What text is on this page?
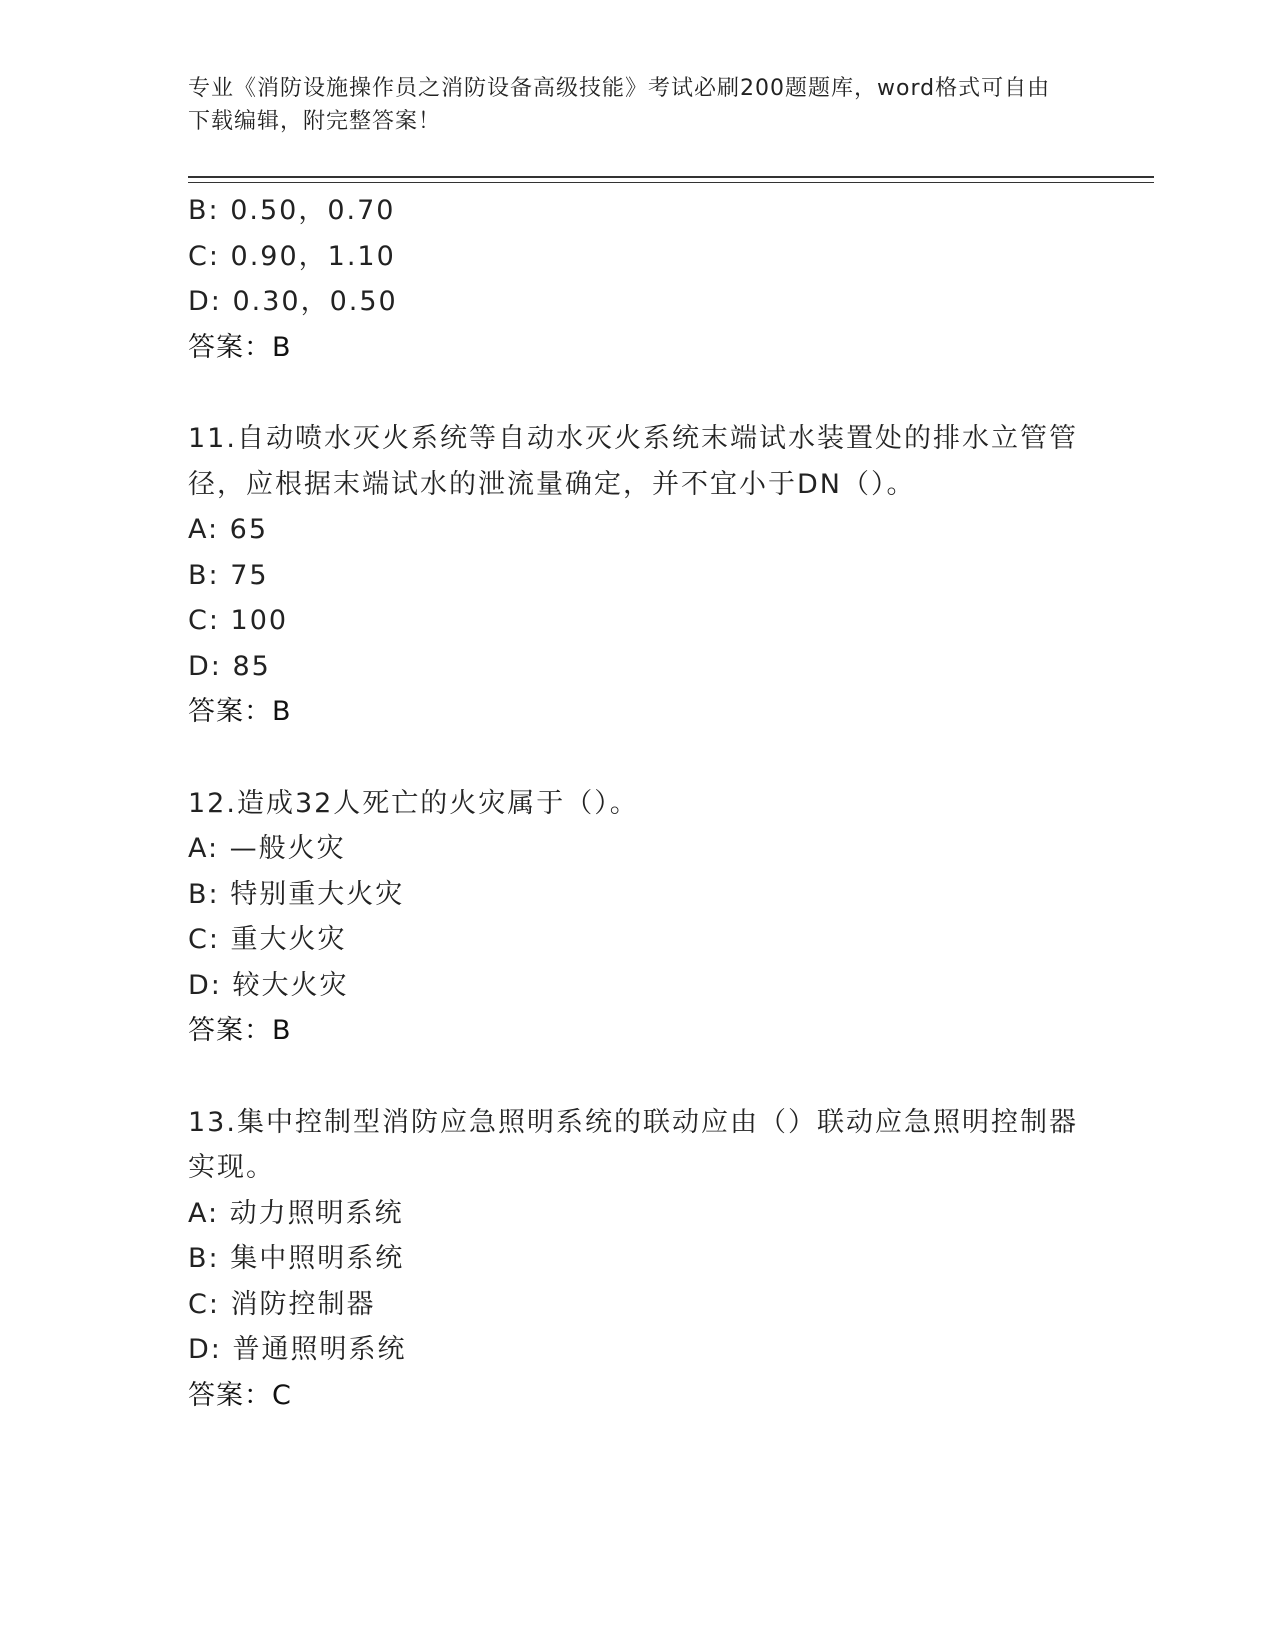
专业《消防设施操作员之消防设备高级技能》考试必刷200题题库，word格式可自由下载编辑，附完整答案！
B: 0.50，0.70
C: 0.90，1.10
D: 0.30，0.50
答案：B
11.自动喷水灭火系统等自动水灭火系统末端试水装置处的排水立管管径，应根据末端试水的泄流量确定，并不宜小于DN（）。
A: 65
B: 75
C: 100
D: 85
答案：B
12.造成32人死亡的火灾属于（）。
A: —般火灾
B: 特别重大火灾
C: 重大火灾
D: 较大火灾
答案：B
13.集中控制型消防应急照明系统的联动应由（）联动应急照明控制器实现。
A: 动力照明系统
B: 集中照明系统
C: 消防控制器
D: 普通照明系统
答案：C
